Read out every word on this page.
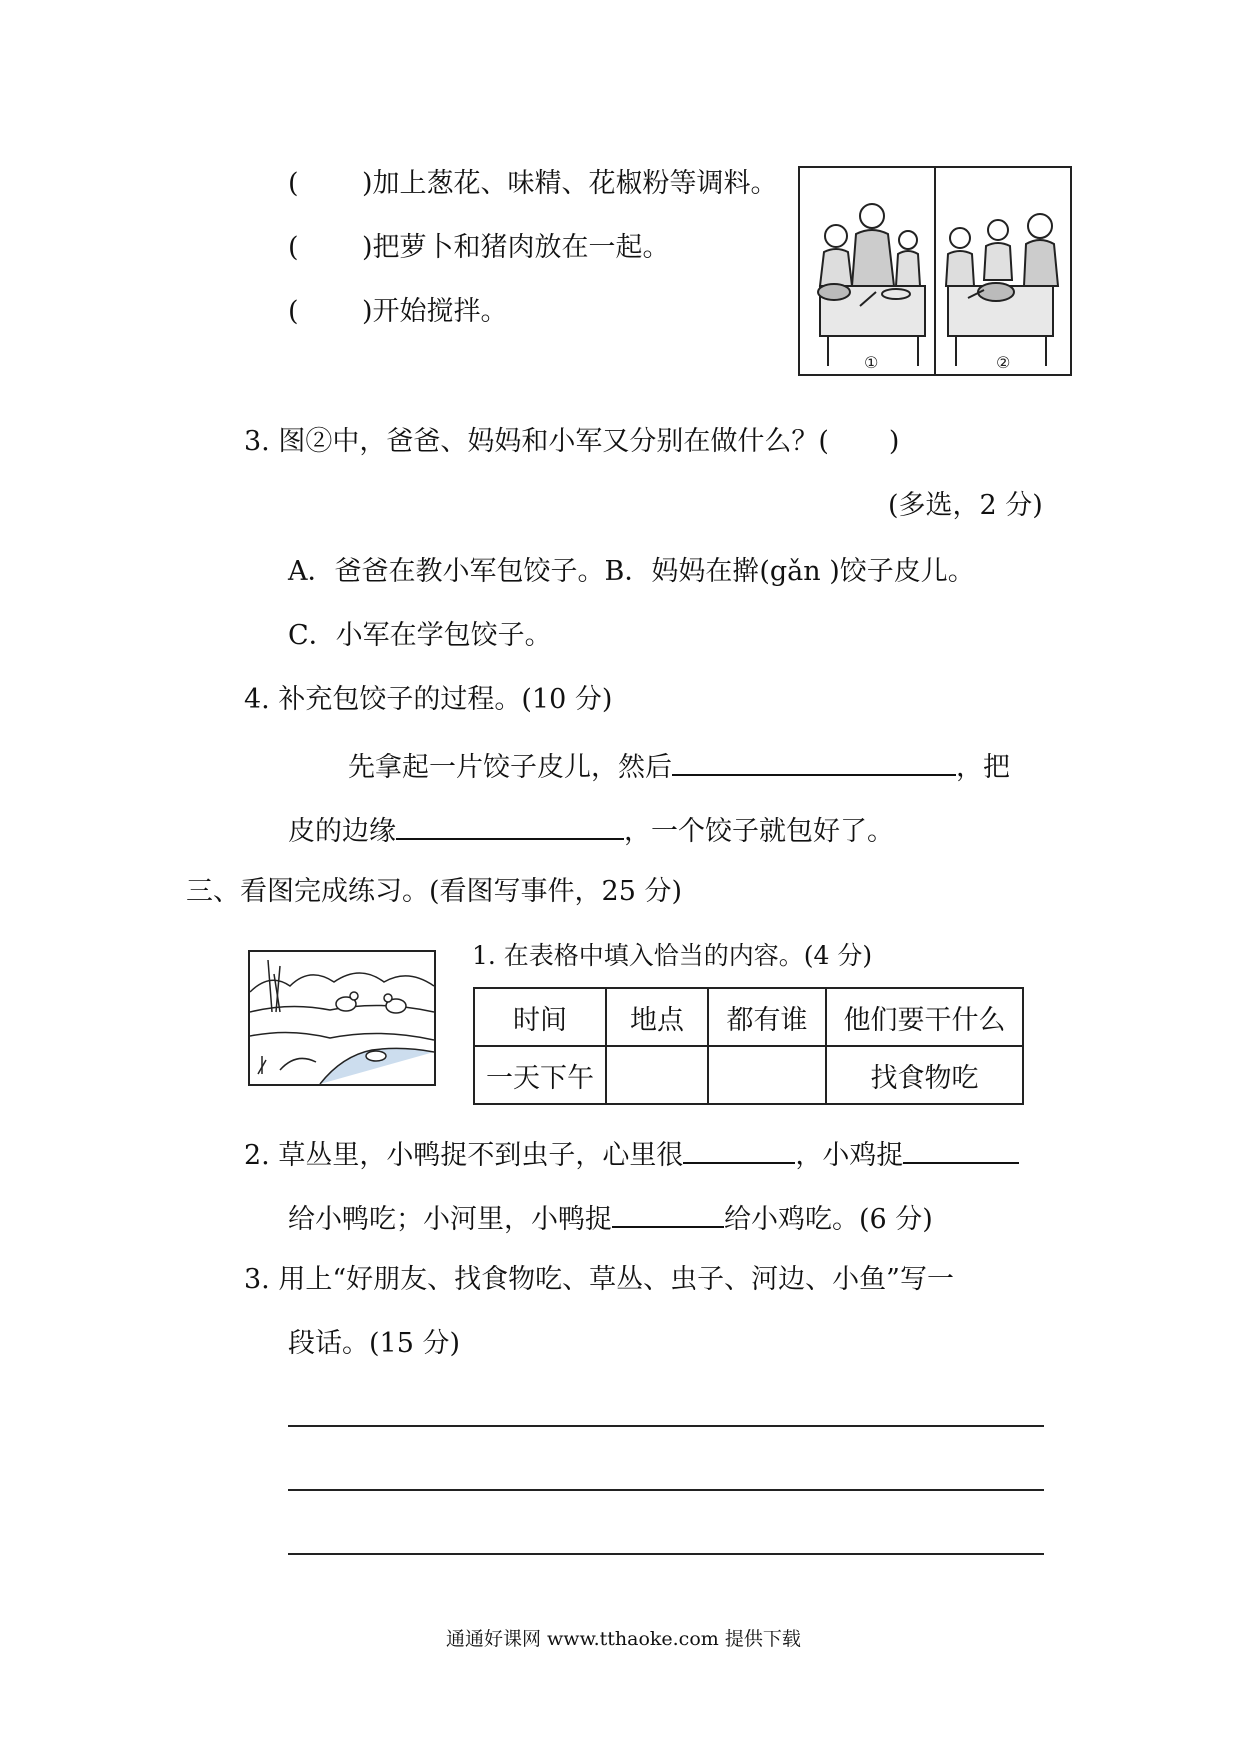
( )加上葱花、味精、花椒粉等调料。
( )把萝卜和猪肉放在一起。
( )开始搅拌。
①	②
3. 图②中，爸爸、妈妈和小军又分别在做什么？( )
(多选，2 分)
A．爸爸在教小军包饺子。B．妈妈在擀(gǎn )饺子皮儿。
C．小军在学包饺子。
4. 补充包饺子的过程。(10 分)
先拿起一片饺子皮儿，然后	，把
皮的边缘	，一个饺子就包好了。
三、看图完成练习。(看图写事件，25 分)
1. 在表格中填入恰当的内容。(4 分)
时间	地点	都有谁	他们要干什么
一天下午			找食物吃
2. 草丛里，小鸭捉不到虫子，心里很	，小鸡捉
给小鸭吃；小河里，小鸭捉	给小鸡吃。(6 分)
3. 用上“好朋友、找食物吃、草丛、虫子、河边、小鱼”写一
段话。(15 分)
通通好课网 www.tthaoke.com 提供下载
